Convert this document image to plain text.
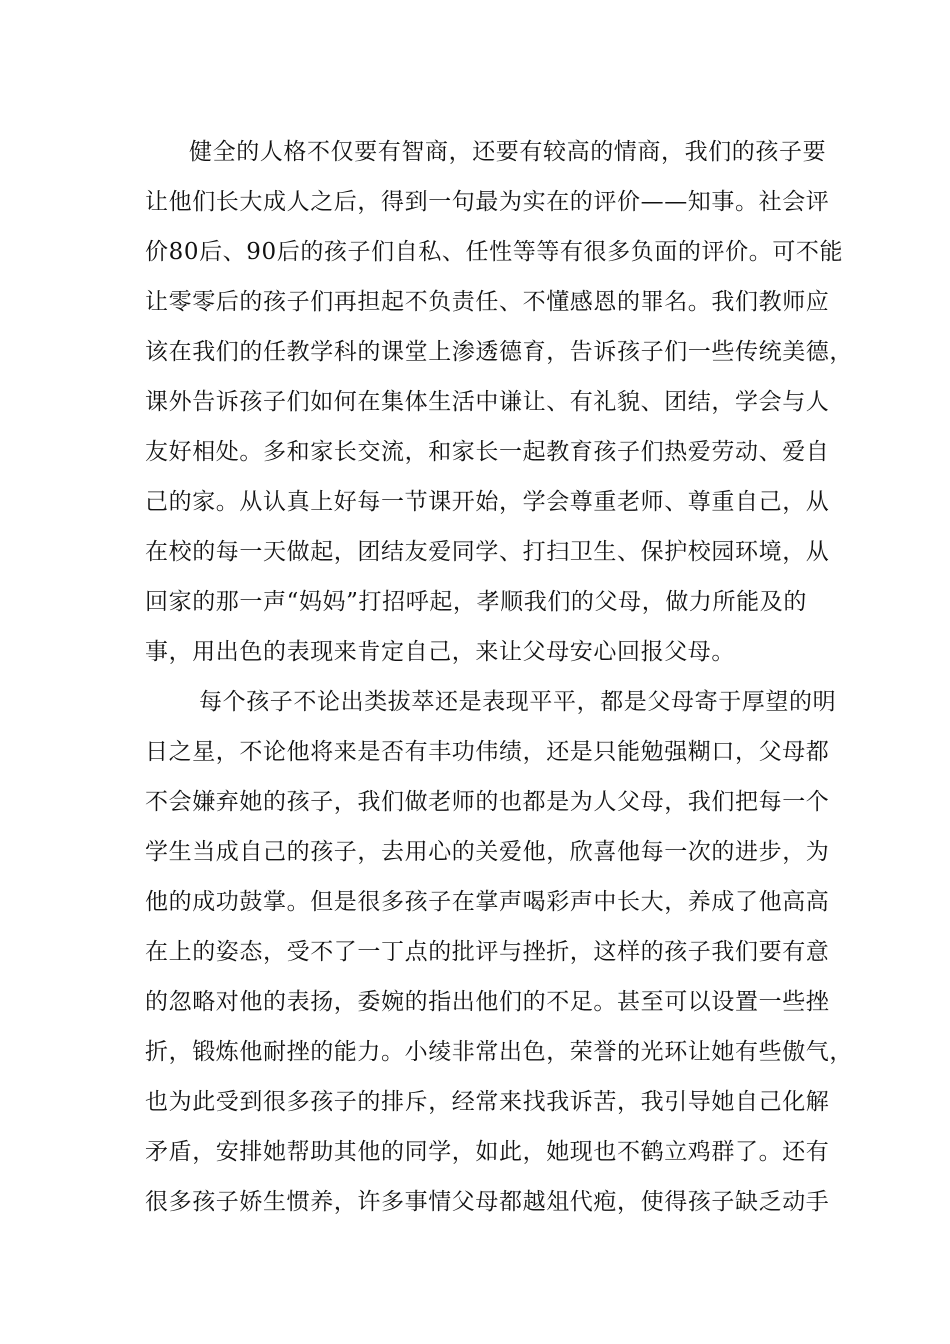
健全的人格不仅要有智商，还要有较高的情商，我们的孩子要
让他们长大成人之后，得到一句最为实在的评价——知事。社会评
价80后、90后的孩子们自私、任性等等有很多负面的评价。可不能
让零零后的孩子们再担起不负责任、不懂感恩的罪名。我们教师应
该在我们的任教学科的课堂上渗透德育，告诉孩子们一些传统美德，
课外告诉孩子们如何在集体生活中谦让、有礼貌、团结，学会与人
友好相处。多和家长交流，和家长一起教育孩子们热爱劳动、爱自
己的家。从认真上好每一节课开始，学会尊重老师、尊重自己，从
在校的每一天做起，团结友爱同学、打扫卫生、保护校园环境，从
回家的那一声“妈妈”打招呼起，孝顺我们的父母，做力所能及的
事，用出色的表现来肯定自己，来让父母安心回报父母。
每个孩子不论出类拔萃还是表现平平，都是父母寄于厚望的明
日之星，不论他将来是否有丰功伟绩，还是只能勉强糊口，父母都
不会嫌弃她的孩子，我们做老师的也都是为人父母，我们把每一个
学生当成自己的孩子，去用心的关爱他，欣喜他每一次的进步，为
他的成功鼓掌。但是很多孩子在掌声喝彩声中长大，养成了他高高
在上的姿态，受不了一丁点的批评与挫折，这样的孩子我们要有意
的忽略对他的表扬，委婉的指出他们的不足。甚至可以设置一些挫
折，锻炼他耐挫的能力。小绫非常出色，荣誉的光环让她有些傲气，
也为此受到很多孩子的排斥，经常来找我诉苦，我引导她自己化解
矛盾，安排她帮助其他的同学，如此，她现也不鹤立鸡群了。还有
很多孩子娇生惯养，许多事情父母都越俎代疱，使得孩子缺乏动手
